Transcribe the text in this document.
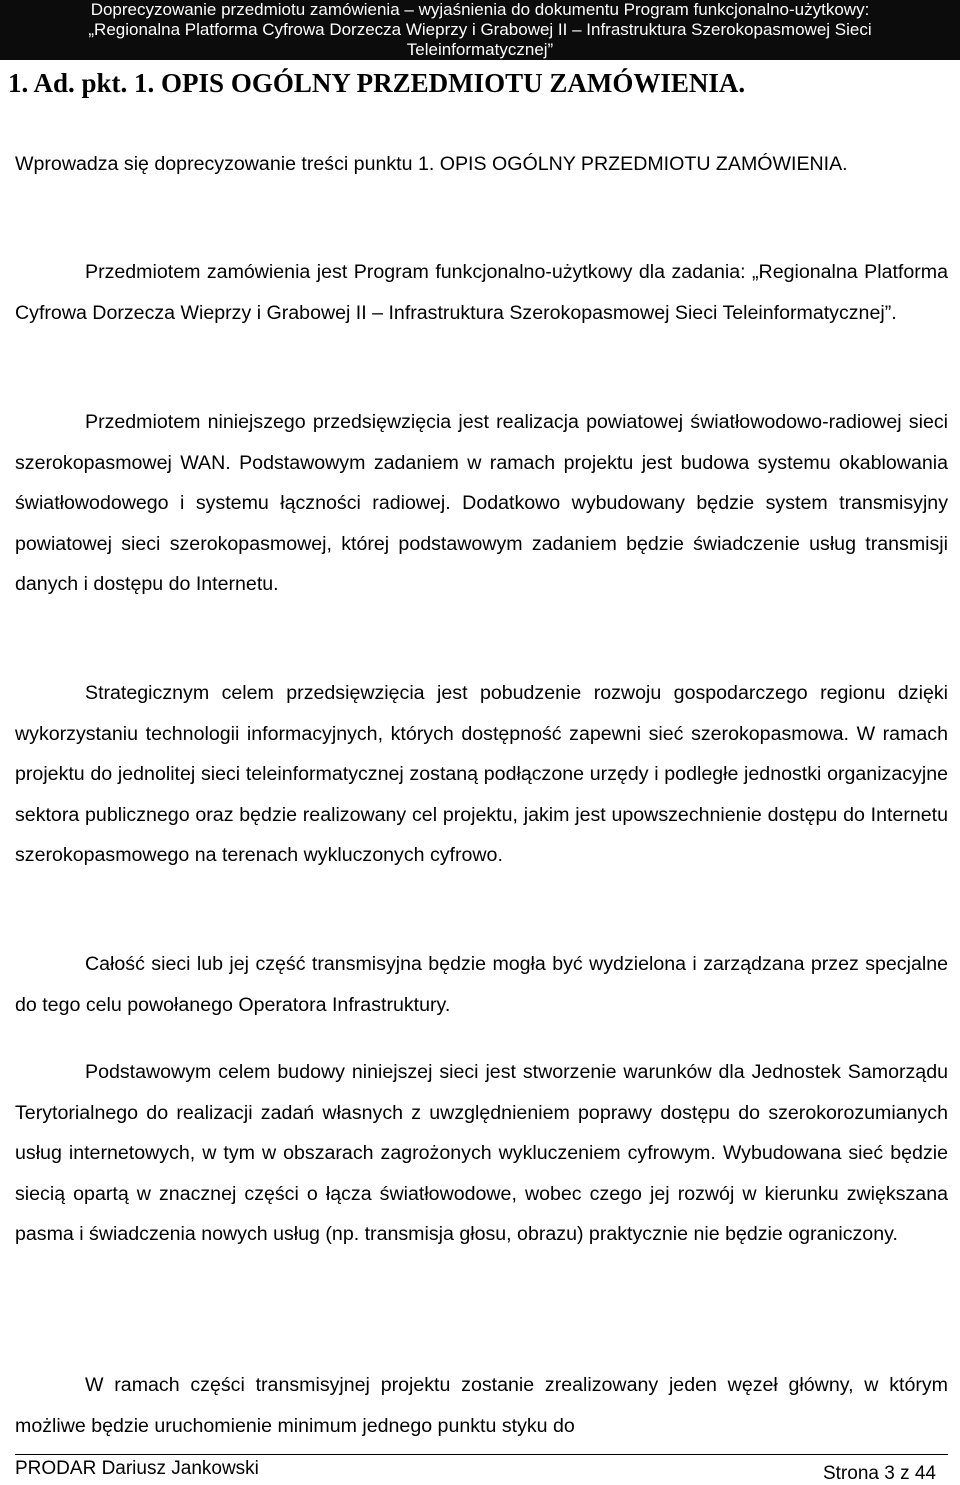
Doprecyzowanie przedmiotu zamówienia – wyjaśnienia do dokumentu Program funkcjonalno-użytkowy:
„Regionalna Platforma Cyfrowa Dorzecza Wieprzy i Grabowej II – Infrastruktura Szerokopasmowej Sieci
Teleinformatycznej”
1. Ad. pkt. 1. OPIS OGÓLNY PRZEDMIOTU ZAMÓWIENIA.

Wprowadza się doprecyzowanie treści punktu 1. OPIS OGÓLNY PRZEDMIOTU ZAMÓWIENIA.

Przedmiotem zamówienia jest Program funkcjonalno-użytkowy dla zadania: „Regionalna Platforma Cyfrowa Dorzecza Wieprzy i Grabowej II – Infrastruktura Szerokopasmowej Sieci Teleinformatycznej”.

Przedmiotem niniejszego przedsięwzięcia jest realizacja powiatowej światłowodowo-radiowej sieci szerokopasmowej WAN. Podstawowym zadaniem w ramach projektu jest budowa systemu okablowania światłowodowego i systemu łączności radiowej. Dodatkowo wybudowany będzie system transmisyjny powiatowej sieci szerokopasmowej, której podstawowym zadaniem będzie świadczenie usług transmisji danych i dostępu do Internetu.

Strategicznym celem przedsięwzięcia jest pobudzenie rozwoju gospodarczego regionu dzięki wykorzystaniu technologii informacyjnych, których dostępność zapewni sieć szerokopasmowa. W ramach projektu do jednolitej sieci teleinformatycznej zostaną podłączone urzędy i podległe jednostki organizacyjne sektora publicznego oraz będzie realizowany cel projektu, jakim jest upowszechnienie dostępu do Internetu szerokopasmowego na terenach wykluczonych cyfrowo.

Całość sieci lub jej część transmisyjna będzie mogła być wydzielona i zarządzana przez specjalne do tego celu powołanego Operatora Infrastruktury.

Podstawowym celem budowy niniejszej sieci jest stworzenie warunków dla Jednostek Samorządu Terytorialnego do realizacji zadań własnych z uwzględnieniem poprawy dostępu do szerokorozumianych usług internetowych, w tym w obszarach zagrożonych wykluczeniem cyfrowym. Wybudowana sieć będzie siecią opartą w znacznej części o łącza światłowodowe, wobec czego jej rozwój w kierunku zwiększana pasma i świadczenia nowych usług (np. transmisja głosu, obrazu) praktycznie nie będzie ograniczony.

W ramach części transmisyjnej projektu zostanie zrealizowany jeden węzeł główny, w którym możliwe będzie uruchomienie minimum jednego punktu styku do

PRODAR Dariusz Jankowski	Strona 3 z 44
